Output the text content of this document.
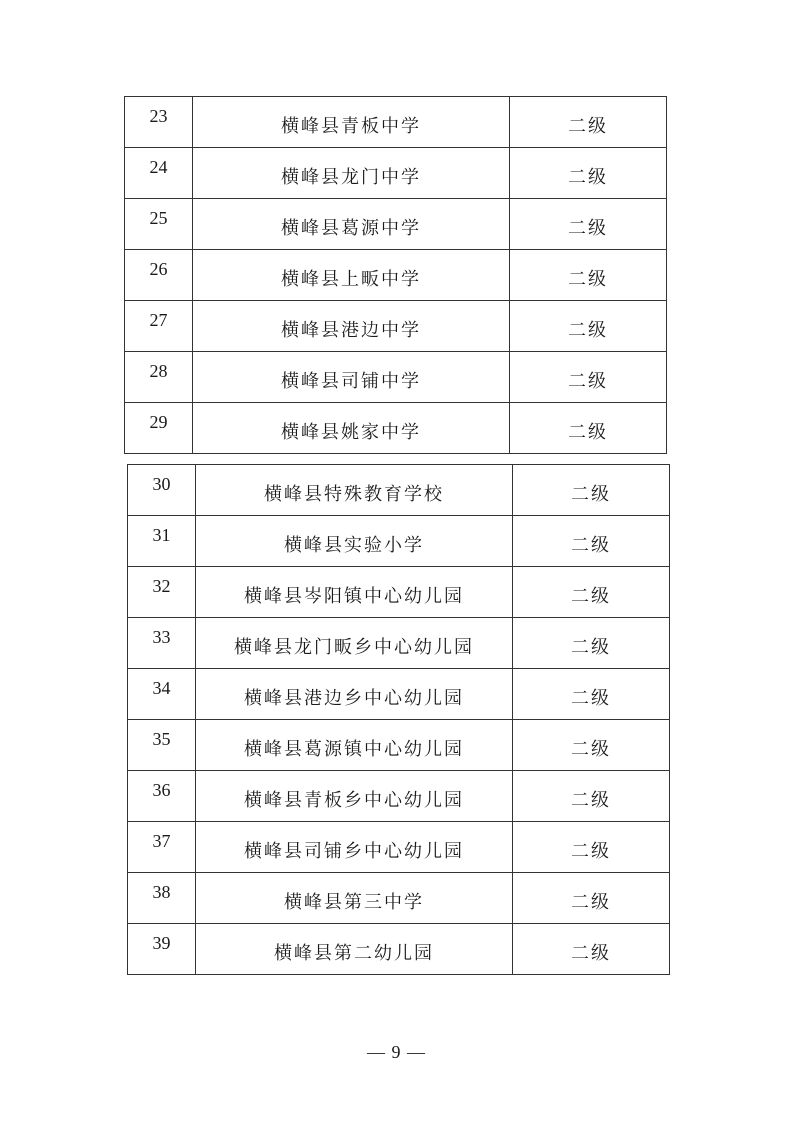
23	横峰县青板中学	二级
24	横峰县龙门中学	二级
25	横峰县葛源中学	二级
26	横峰县上畈中学	二级
27	横峰县港边中学	二级
28	横峰县司铺中学	二级
29	横峰县姚家中学	二级
30	横峰县特殊教育学校	二级
31	横峰县实验小学	二级
32	横峰县岑阳镇中心幼儿园	二级
33	横峰县龙门畈乡中心幼儿园	二级
34	横峰县港边乡中心幼儿园	二级
35	横峰县葛源镇中心幼儿园	二级
36	横峰县青板乡中心幼儿园	二级
37	横峰县司铺乡中心幼儿园	二级
38	横峰县第三中学	二级
39	横峰县第二幼儿园	二级
— 9 —
